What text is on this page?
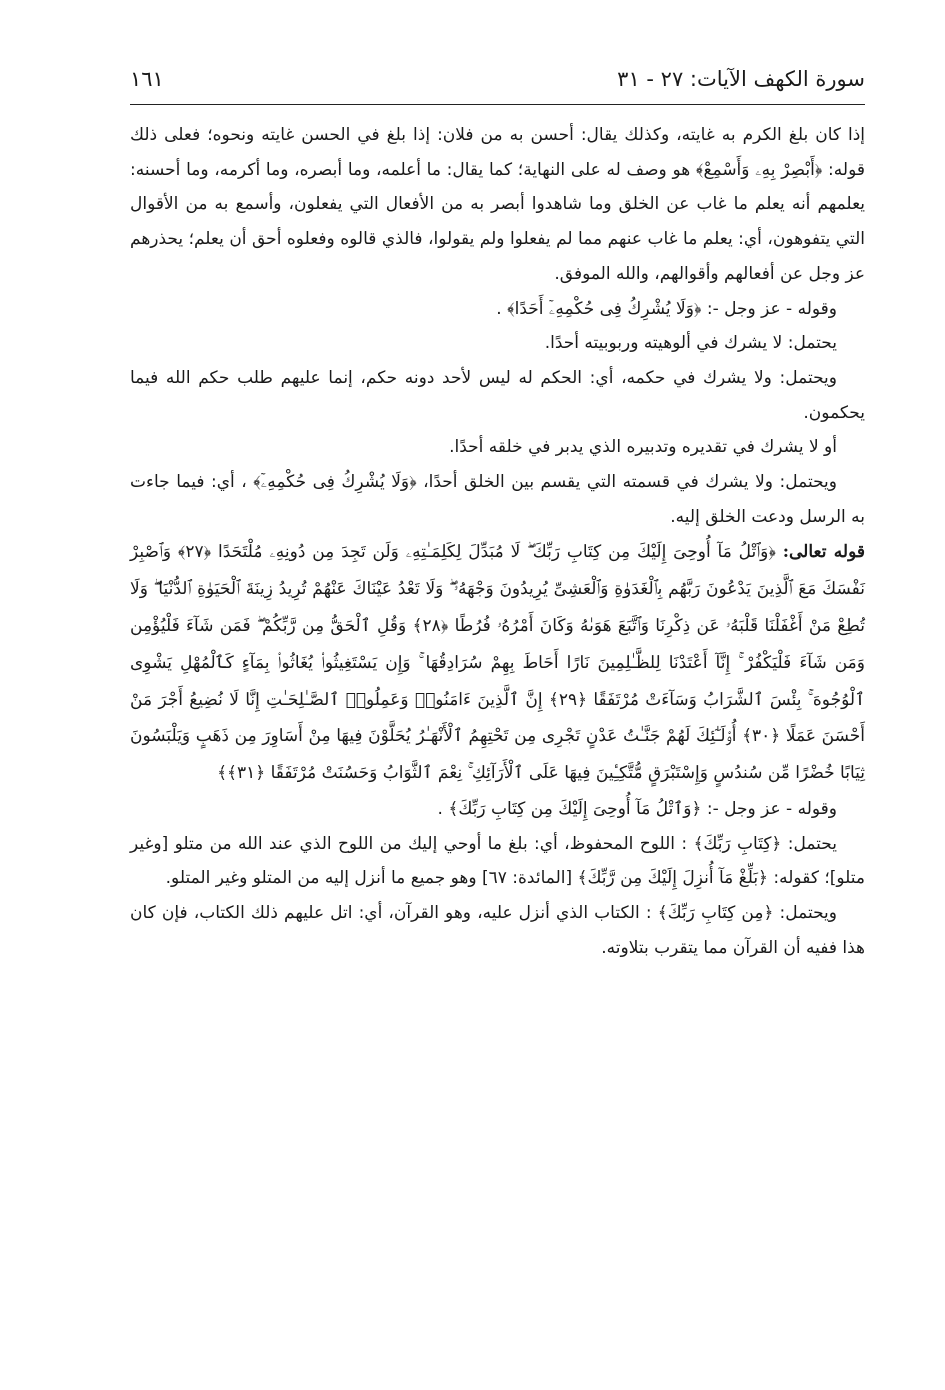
سورة الكهف الآيات: ٢٧ - ٣١
١٦١

إذا كان بلغ الكرم به غايته، وكذلك يقال: أحسن به من فلان: إذا بلغ في الحسن غايته ونحوه؛ فعلى ذلك قوله: ﴿أَبْصِرْ بِهِۦ وَأَسْمِعْ﴾ هو وصف له على النهاية؛ كما يقال: ما أعلمه، وما أبصره، وما أكرمه، وما أحسنه: يعلمهم أنه يعلم ما غاب عن الخلق وما شاهدوا أبصر به من الأفعال التي يفعلون، وأسمع به من الأقوال التي يتفوهون، أي: يعلم ما غاب عنهم مما لم يفعلوا ولم يقولوا، فالذي قالوه وفعلوه أحق أن يعلم؛ يحذرهم عز وجل عن أفعالهم وأقوالهم، والله الموفق.

وقوله - عز وجل -: ﴿وَلَا يُشْرِكُ فِى حُكْمِهِۦٓ أَحَدًا﴾ .

يحتمل: لا يشرك في ألوهيته وربوبيته أحدًا.

ويحتمل: ولا يشرك في حكمه، أي: الحكم له ليس لأحد دونه حكم، إنما عليهم طلب حكم الله فيما يحكمون.

أو لا يشرك في تقديره وتدبيره الذي يدبر في خلقه أحدًا.

ويحتمل: ولا يشرك في قسمته التي يقسم بين الخلق أحدًا، ﴿وَلَا يُشْرِكُ فِى حُكْمِهِۦٓ﴾ ، أي: فيما جاءت به الرسل ودعت الخلق إليه.

قوله تعالى: ﴿وَٱتْلُ مَآ أُوحِىَ إِلَيْكَ مِن كِتَابِ رَبِّكَ ۖ لَا مُبَدِّلَ لِكَلِمَـٰتِهِۦ وَلَن تَجِدَ مِن دُونِهِۦ مُلْتَحَدًا ﴿٢٧﴾ وَٱصْبِرْ نَفْسَكَ مَعَ ٱلَّذِينَ يَدْعُونَ رَبَّهُم بِٱلْغَدَوٰةِ وَٱلْعَشِىِّ يُرِيدُونَ وَجْهَهُۥ ۖ وَلَا تَعْدُ عَيْنَاكَ عَنْهُمْ تُرِيدُ زِينَةَ ٱلْحَيَوٰةِ ٱلدُّنْيَا ۖ وَلَا تُطِعْ مَنْ أَغْفَلْنَا قَلْبَهُۥ عَن ذِكْرِنَا وَٱتَّبَعَ هَوَىٰهُ وَكَانَ أَمْرُهُۥ فُرُطًا ﴿٢٨﴾ وَقُلِ ٱلْحَقُّ مِن رَّبِّكُمْ ۖ فَمَن شَآءَ فَلْيُؤْمِن وَمَن شَآءَ فَلْيَكْفُرْ ۚ إِنَّآ أَعْتَدْنَا لِلظَّـٰلِمِينَ نَارًا أَحَاطَ بِهِمْ سُرَادِقُهَا ۚ وَإِن يَسْتَغِيثُوا۟ يُغَاثُوا۟ بِمَآءٍ كَٱلْمُهْلِ يَشْوِى ٱلْوُجُوهَ ۚ بِئْسَ ٱلشَّرَابُ وَسَآءَتْ مُرْتَفَقًا ﴿٢٩﴾ إِنَّ ٱلَّذِينَ ءَامَنُوا۟ وَعَمِلُوا۟ ٱلصَّـٰلِحَـٰتِ إِنَّا لَا نُضِيعُ أَجْرَ مَنْ أَحْسَنَ عَمَلًا ﴿٣٠﴾ أُو۟لَـٰٓئِكَ لَهُمْ جَنَّـٰتُ عَدْنٍ تَجْرِى مِن تَحْتِهِمُ ٱلْأَنْهَـٰرُ يُحَلَّوْنَ فِيهَا مِنْ أَسَاوِرَ مِن ذَهَبٍ وَيَلْبَسُونَ ثِيَابًا خُضْرًا مِّن سُندُسٍ وَإِسْتَبْرَقٍ مُّتَّكِـِٔينَ فِيهَا عَلَى ٱلْأَرَآئِكِ ۚ نِعْمَ ٱلثَّوَابُ وَحَسُنَتْ مُرْتَفَقًا ﴿٣١﴾﴾

وقوله - عز وجل -: ﴿وَٱتْلُ مَآ أُوحِىَ إِلَيْكَ مِن كِتَابِ رَبِّكَ﴾ .

يحتمل: ﴿كِتَابِ رَبِّكَ﴾ : اللوح المحفوظ، أي: بلغ ما أوحي إليك من اللوح الذي عند الله من متلو [وغير متلو]؛ كقوله: ﴿بَلِّغْ مَآ أُنزِلَ إِلَيْكَ مِن رَّبِّكَ﴾ [المائدة: ٦٧] وهو جميع ما أنزل إليه من المتلو وغير المتلو.

ويحتمل: ﴿مِن كِتَابِ رَبِّكَ﴾ : الكتاب الذي أنزل عليه، وهو القرآن، أي: اتل عليهم ذلك الكتاب، فإن كان هذا ففيه أن القرآن مما يتقرب بتلاوته.
